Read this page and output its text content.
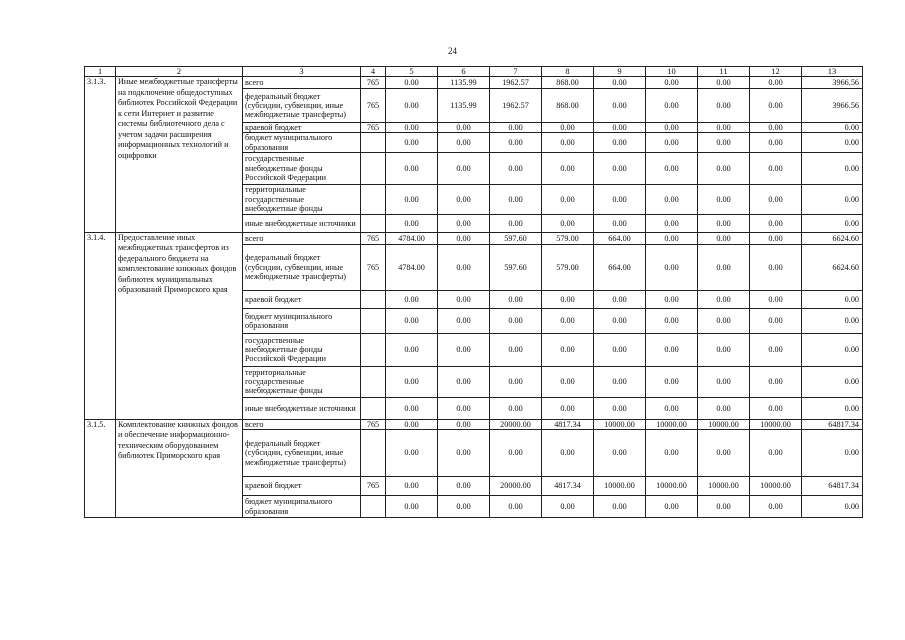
24
1	2	3	4	5	6	7	8	9	10	11	12	13
3.1.3.	Иные межбюджетные трансферты на подключение общедоступных библиотек Российской Федерации к сети Интернет и развитие системы библиотечного дела с учетом задачи расширения информационных технологий и оцифровки	всего	765	0.00	1135.99	1962.57	868.00	0.00	0.00	0.00	0.00	3966.56
		федеральный бюджет (субсидии, субвенции, иные межбюджетные трансферты)	765	0.00	1135.99	1962.57	868.00	0.00	0.00	0.00	0.00	3966.56
		краевой бюджет	765	0.00	0.00	0.00	0.00	0.00	0.00	0.00	0.00	0.00
		бюджет муниципального образования		0.00	0.00	0.00	0.00	0.00	0.00	0.00	0.00	0.00
		государственные внебюджетные фонды Российской Федерации		0.00	0.00	0.00	0.00	0.00	0.00	0.00	0.00	0.00
		территориальные государственные внебюджетные фонды		0.00	0.00	0.00	0.00	0.00	0.00	0.00	0.00	0.00
		иные внебюджетные источники		0.00	0.00	0.00	0.00	0.00	0.00	0.00	0.00	0.00
3.1.4.	Предоставление иных межбюджетных трансфертов из федерального бюджета на комплектование книжных фондов библиотек муниципальных образований Приморского края	всего	765	4784.00	0.00	597.60	579.00	664.00	0.00	0.00	0.00	6624.60
		федеральный бюджет (субсидии, субвенции, иные межбюджетные трансферты)	765	4784.00	0.00	597.60	579.00	664.00	0.00	0.00	0.00	6624.60
		краевой бюджет		0.00	0.00	0.00	0.00	0.00	0.00	0.00	0.00	0.00
		бюджет муниципального образования		0.00	0.00	0.00	0.00	0.00	0.00	0.00	0.00	0.00
		государственные внебюджетные фонды Российской Федерации		0.00	0.00	0.00	0.00	0.00	0.00	0.00	0.00	0.00
		территориальные государственные внебюджетные фонды		0.00	0.00	0.00	0.00	0.00	0.00	0.00	0.00	0.00
		иные внебюджетные источники		0.00	0.00	0.00	0.00	0.00	0.00	0.00	0.00	0.00
3.1.5.	Комплектование книжных фондов и обеспечение информационно-техническим оборудованием библиотек Приморского края	всего	765	0.00	0.00	20000.00	4817.34	10000.00	10000.00	10000.00	10000.00	64817.34
		федеральный бюджет (субсидии, субвенции, иные межбюджетные трансферты)		0.00	0.00	0.00	0.00	0.00	0.00	0.00	0.00	0.00
		краевой бюджет	765	0.00	0.00	20000.00	4817.34	10000.00	10000.00	10000.00	10000.00	64817.34
		бюджет муниципального образования		0.00	0.00	0.00	0.00	0.00	0.00	0.00	0.00	0.00
